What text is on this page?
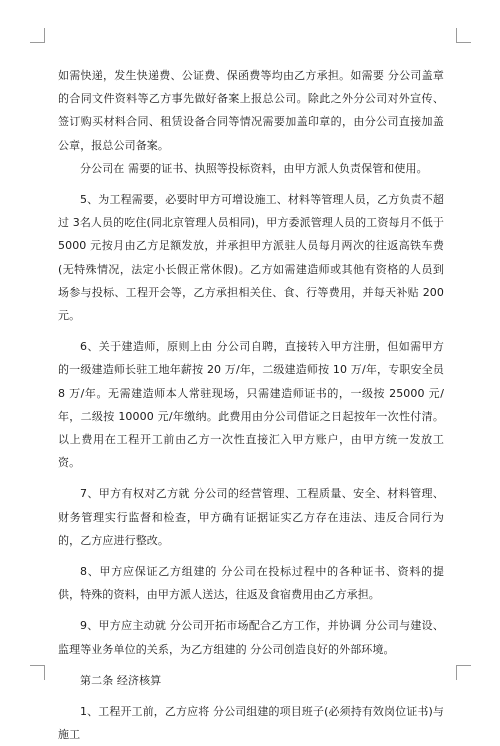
如需快递，发生快递费、公证费、保函费等均由乙方承担。如需要 分公司盖章的合同文件资料等乙方事先做好备案上报总公司。除此之外分公司对外宣传、签订购买材料合同、租赁设备合同等情况需要加盖印章的，由分公司直接加盖公章，报总公司备案。

分公司在 需要的证书、执照等投标资料，由甲方派人负责保管和使用。

5、为工程需要，必要时甲方可增设施工、材料等管理人员，乙方负责不超过 3名人员的吃住(同北京管理人员相同)，甲方委派管理人员的工资每月不低于 5000 元按月由乙方足额发放，并承担甲方派驻人员每月两次的往返高铁车费(无特殊情况，法定小长假正常休假)。乙方如需建造师或其他有资格的人员到场参与投标、工程开会等，乙方承担相关住、食、行等费用，并每天补贴 200 元。

6、关于建造师，原则上由 分公司自聘，直接转入甲方注册，但如需甲方的一级建造师长驻工地年薪按 20 万/年，二级建造师按 10 万/年，专职安全员 8 万/年。无需建造师本人常驻现场，只需建造师证书的，一级按 25000 元/年，二级按 10000 元/年缴纳。此费用由分公司借证之日起按年一次性付清。以上费用在工程开工前由乙方一次性直接汇入甲方账户，由甲方统一发放工资。

7、甲方有权对乙方就 分公司的经营管理、工程质量、安全、材料管理、财务管理实行监督和检查，甲方确有证据证实乙方存在违法、违反合同行为的，乙方应进行整改。

8、甲方应保证乙方组建的 分公司在投标过程中的各种证书、资料的提供，特殊的资料，由甲方派人送达，往返及食宿费用由乙方承担。

9、甲方应主动就 分公司开拓市场配合乙方工作，并协调 分公司与建设、监理等业务单位的关系，为乙方组建的 分公司创造良好的外部环境。

第二条 经济核算

1、工程开工前，乙方应将 分公司组建的项目班子(必须持有效岗位证书)与施工
